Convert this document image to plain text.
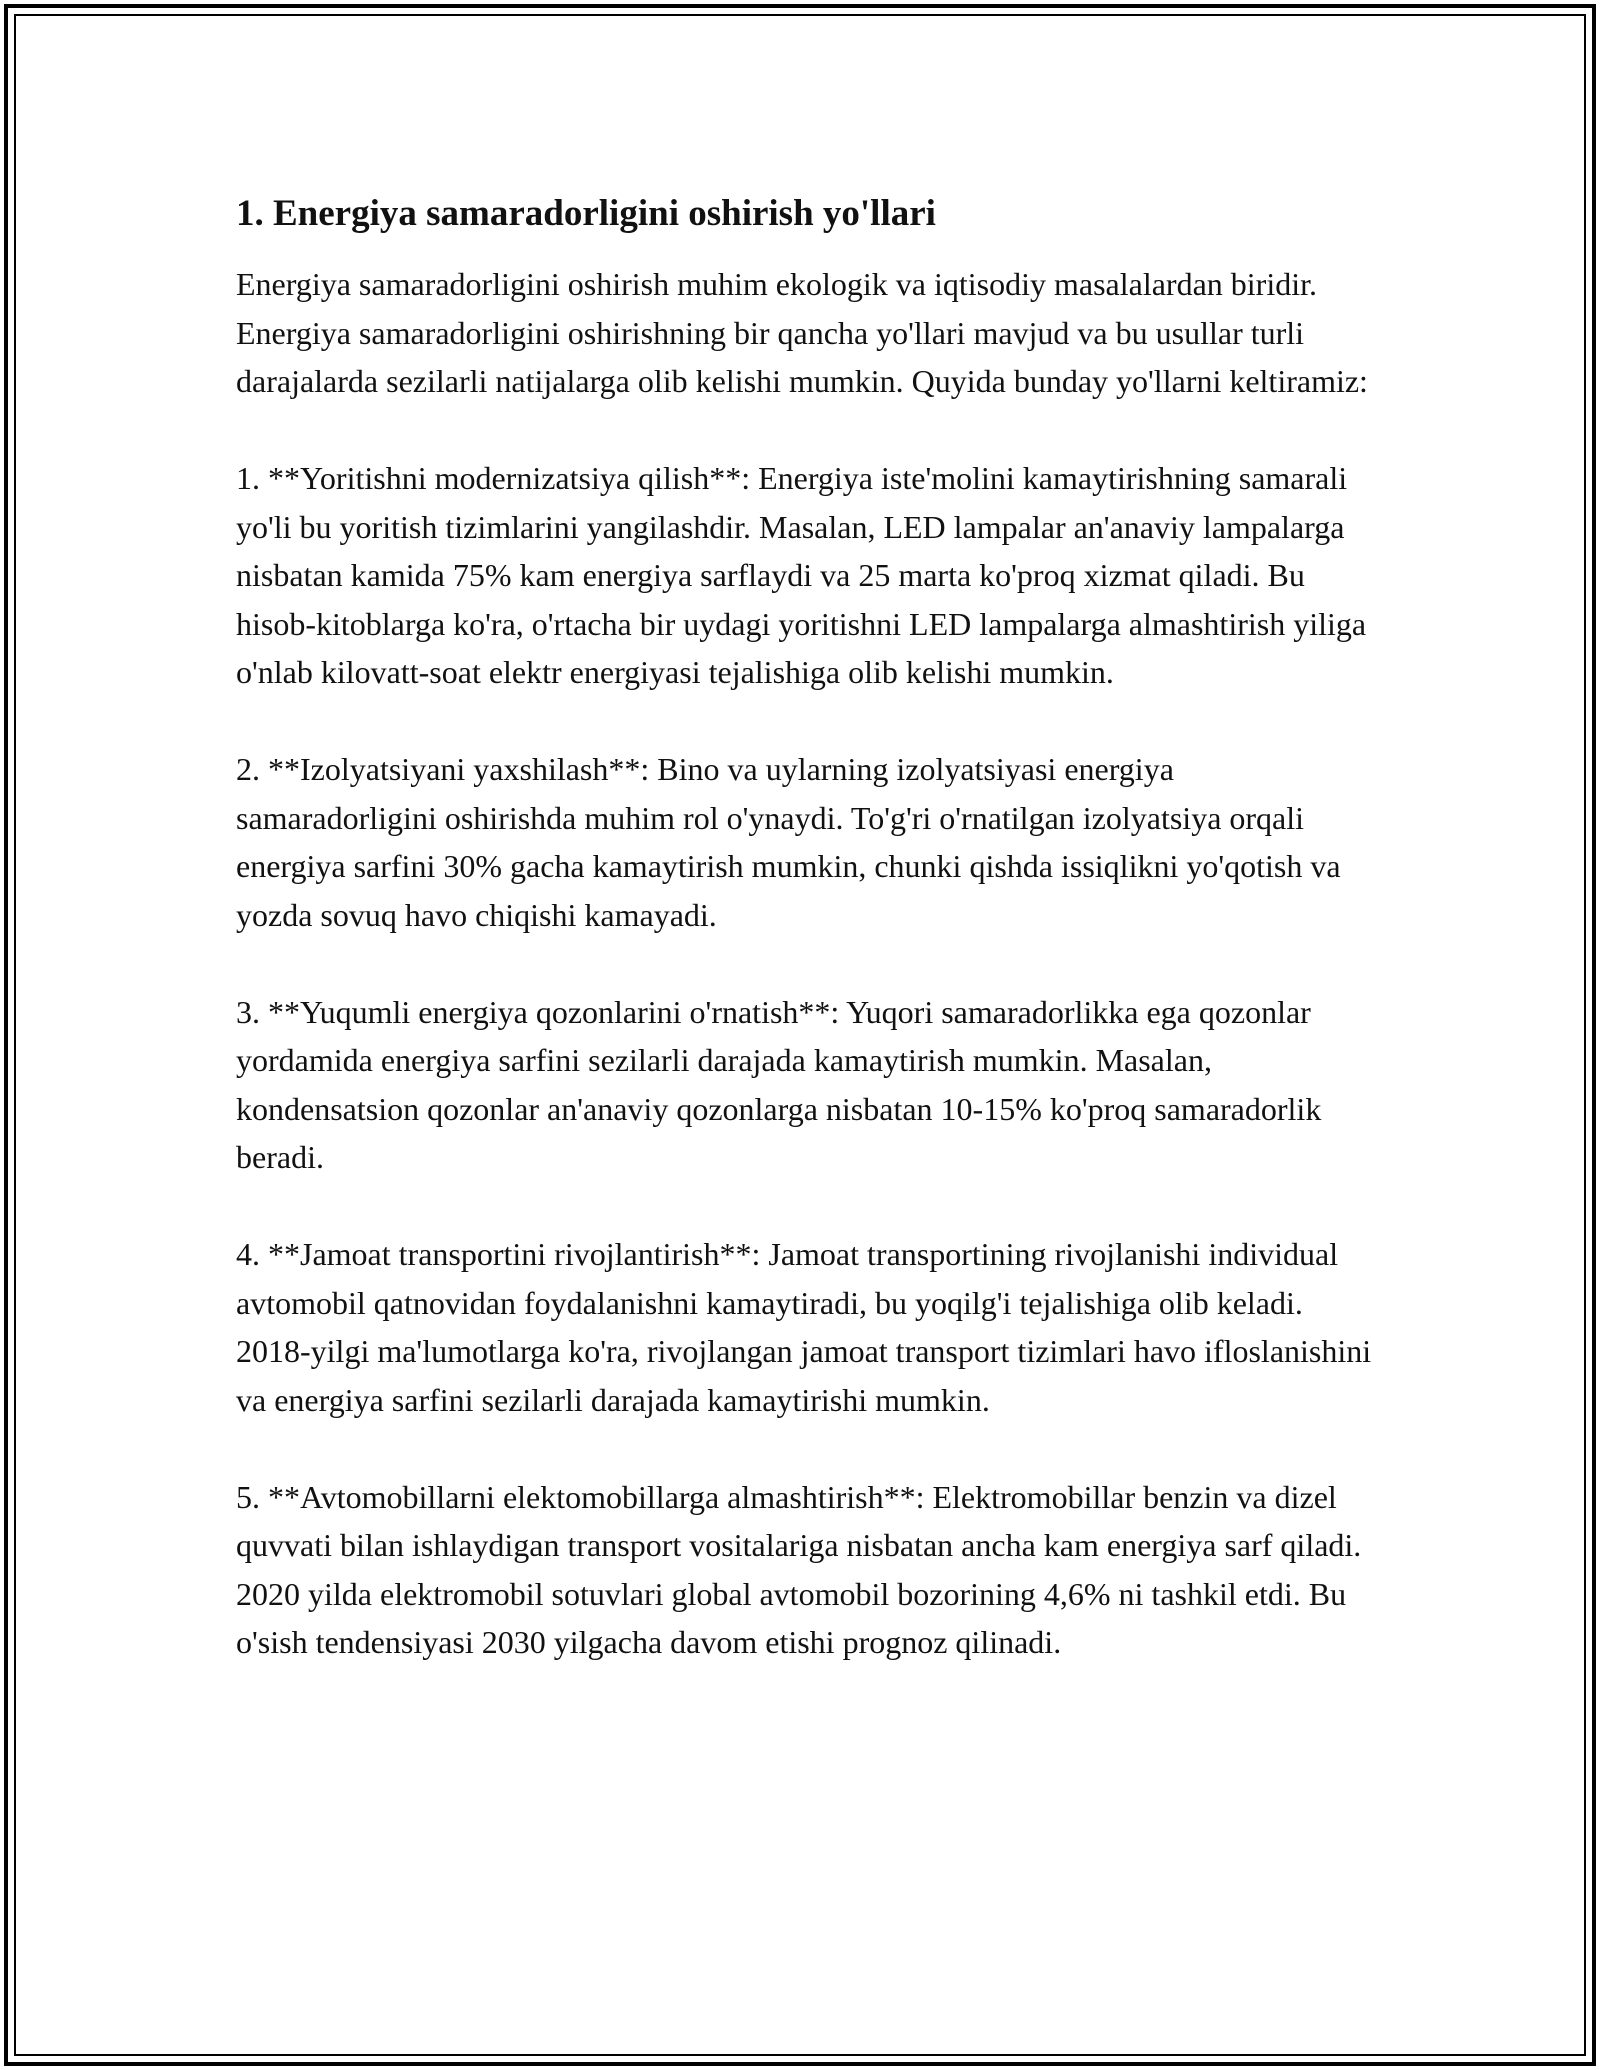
1. Energiya samaradorligini oshirish yo'llari

Energiya samaradorligini oshirish muhim ekologik va iqtisodiy masalalardan biridir. Energiya samaradorligini oshirishning bir qancha yo'llari mavjud va bu usullar turli darajalarda sezilarli natijalarga olib kelishi mumkin. Quyida bunday yo'llarni keltiramiz:

1. **Yoritishni modernizatsiya qilish**: Energiya iste'molini kamaytirishning samarali yo'li bu yoritish tizimlarini yangilashdir. Masalan, LED lampalar an'anaviy lampalarga nisbatan kamida 75% kam energiya sarflaydi va 25 marta ko'proq xizmat qiladi. Bu hisob-kitoblarga ko'ra, o'rtacha bir uydagi yoritishni LED lampalarga almashtirish yiliga o'nlab kilovatt-soat elektr energiyasi tejalishiga olib kelishi mumkin.

2. **Izolyatsiyani yaxshilash**: Bino va uylarning izolyatsiyasi energiya samaradorligini oshirishda muhim rol o'ynaydi. To'g'ri o'rnatilgan izolyatsiya orqali energiya sarfini 30% gacha kamaytirish mumkin, chunki qishda issiqlikni yo'qotish va yozda sovuq havo chiqishi kamayadi.

3. **Yuqumli energiya qozonlarini o'rnatish**: Yuqori samaradorlikka ega qozonlar yordamida energiya sarfini sezilarli darajada kamaytirish mumkin. Masalan, kondensatsion qozonlar an'anaviy qozonlarga nisbatan 10-15% ko'proq samaradorlik beradi.

4. **Jamoat transportini rivojlantirish**: Jamoat transportining rivojlanishi individual avtomobil qatnovidan foydalanishni kamaytiradi, bu yoqilg'i tejalishiga olib keladi. 2018-yilgi ma'lumotlarga ko'ra, rivojlangan jamoat transport tizimlari havo ifloslanishini va energiya sarfini sezilarli darajada kamaytirishi mumkin.

5. **Avtomobillarni elektomobillarga almashtirish**: Elektromobillar benzin va dizel quvvati bilan ishlaydigan transport vositalariga nisbatan ancha kam energiya sarf qiladi. 2020 yilda elektromobil sotuvlari global avtomobil bozorining 4,6% ni tashkil etdi. Bu o'sish tendensiyasi 2030 yilgacha davom etishi prognoz qilinadi.
